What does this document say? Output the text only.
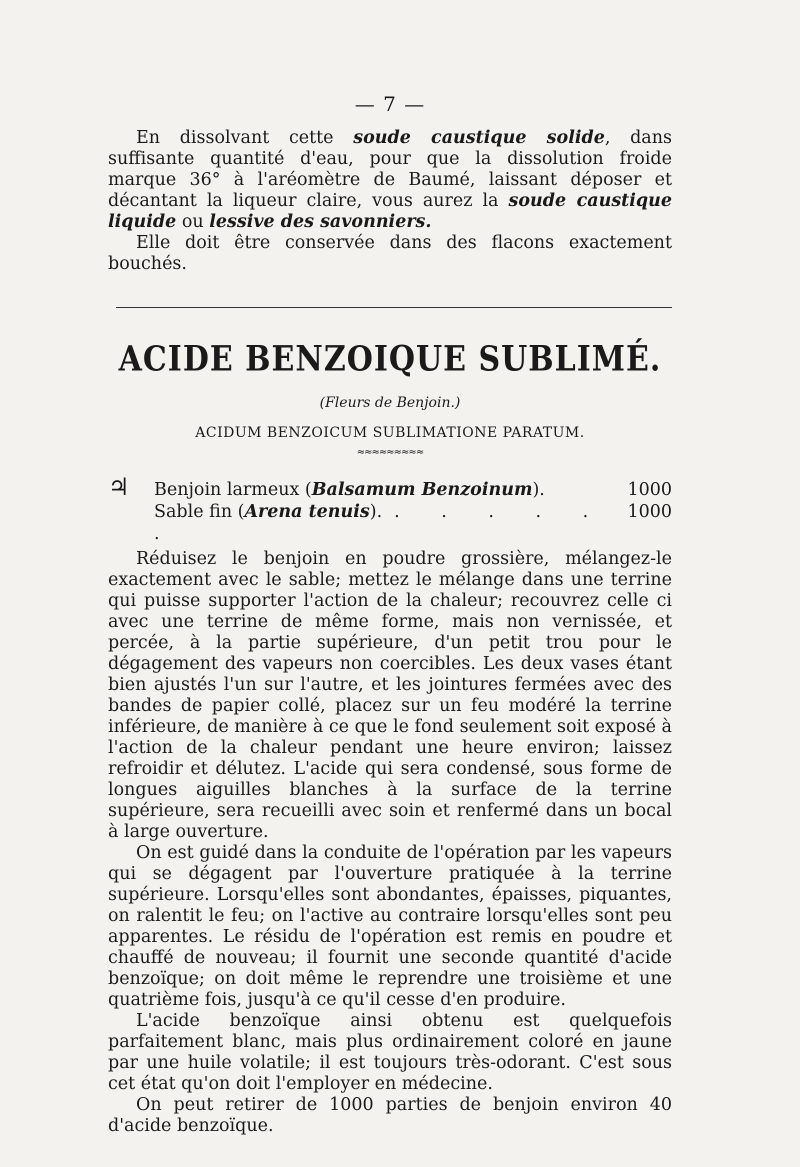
— 7 —

En dissolvant cette soude caustique solide, dans suffisante quantité d'eau, pour que la dissolution froide marque 36° à l'aréomètre de Baumé, laissant déposer et décantant la liqueur claire, vous aurez la soude caustique liquide ou lessive des savonniers.

Elle doit être conservée dans des flacons exactement bouchés.

ACIDE BENZOIQUE SUBLIMÉ.
(Fleurs de Benjoin.)
ACIDUM BENZOICUM SUBLIMATIONE PARATUM.
≈≈≈≈≈≈≈≈≈
♃	Benjoin larmeux (Balsamum Benzoinum).	1000
Sable fin (Arena tenuis). . . . . . .
1000

Réduisez le benjoin en poudre grossière, mélangez-le exactement avec le sable; mettez le mélange dans une terrine qui puisse supporter l'action de la chaleur; recouvrez celle ci avec une terrine de même forme, mais non vernissée, et percée, à la partie supérieure, d'un petit trou pour le dégagement des vapeurs non coercibles. Les deux vases étant bien ajustés l'un sur l'autre, et les jointures fermées avec des bandes de papier collé, placez sur un feu modéré la terrine inférieure, de manière à ce que le fond seulement soit exposé à l'action de la chaleur pendant une heure environ; laissez refroidir et délutez. L'acide qui sera condensé, sous forme de longues aiguilles blanches à la surface de la terrine supérieure, sera recueilli avec soin et renfermé dans un bocal à large ouverture.

On est guidé dans la conduite de l'opération par les vapeurs qui se dégagent par l'ouverture pratiquée à la terrine supérieure. Lorsqu'elles sont abondantes, épaisses, piquantes, on ralentit le feu; on l'active au contraire lorsqu'elles sont peu apparentes. Le résidu de l'opération est remis en poudre et chauffé de nouveau; il fournit une seconde quantité d'acide benzoïque; on doit même le reprendre une troisième et une quatrième fois, jusqu'à ce qu'il cesse d'en produire.

L'acide benzoïque ainsi obtenu est quelquefois parfaitement blanc, mais plus ordinairement coloré en jaune par une huile volatile; il est toujours très-odorant. C'est sous cet état qu'on doit l'employer en médecine.

On peut retirer de 1000 parties de benjoin environ 40 d'acide benzoïque.
